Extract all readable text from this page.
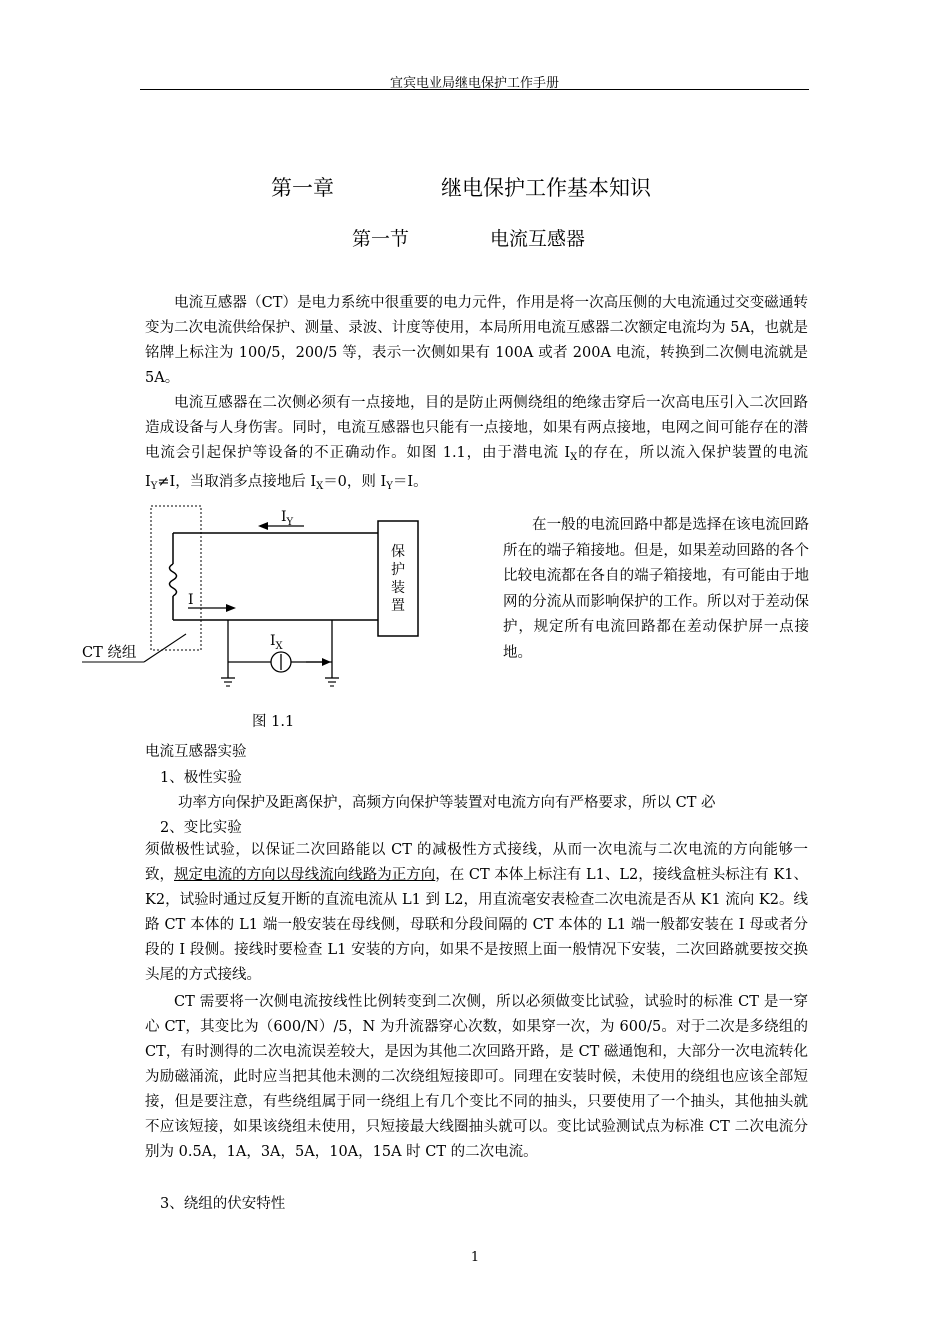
宜宾电业局继电保护工作手册
第一章	继电保护工作基本知识
第一节	电流互感器

电流互感器（CT）是电力系统中很重要的电力元件，作用是将一次高压侧的大电流通过交变磁通转变为二次电流供给保护、测量、录波、计度等使用，本局所用电流互感器二次额定电流均为 5A，也就是铭牌上标注为 100/5，200/5 等，表示一次侧如果有 100A 或者 200A 电流，转换到二次侧电流就是 5A。

电流互感器在二次侧必须有一点接地，目的是防止两侧绕组的绝缘击穿后一次高电压引入二次回路造成设备与人身伤害。同时，电流互感器也只能有一点接地，如果有两点接地，电网之间可能存在的潜电流会引起保护等设备的不正确动作。如图 1.1，由于潜电流 $I_X$的存在，所以流入保护装置的电流 $I_Y\ne I$，当取消多点接地后 $I_X=0$，则 $I_Y=I$。

保
护
装
置
$I_Y$
I
$I_X$
CT 绕组

在一般的电流回路中都是选择在该电流回路所在的端子箱接地。但是，如果差动回路的各个比较电流都在各自的端子箱接地，有可能由于地网的分流从而影响保护的工作。所以对于差动保护，规定所有电流回路都在差动保护屏一点接地。

图 1.1
电流互感器实验
1、极性实验
功率方向保护及距离保护，高频方向保护等装置对电流方向有严格要求，所以 CT 必
2、变比实验

须做极性试验，以保证二次回路能以 CT 的减极性方式接线，从而一次电流与二次电流的方向能够一致，规定电流的方向以母线流向线路为正方向，在 CT 本体上标注有 L1、L2，接线盒桩头标注有 K1、K2，试验时通过反复开断的直流电流从 L1 到 L2，用直流毫安表检查二次电流是否从 K1 流向 K2。线路 CT 本体的 L1 端一般安装在母线侧，母联和分段间隔的 CT 本体的 L1 端一般都安装在 I 母或者分段的 I 段侧。接线时要检查 L1 安装的方向，如果不是按照上面一般情况下安装，二次回路就要按交换头尾的方式接线。

CT 需要将一次侧电流按线性比例转变到二次侧，所以必须做变比试验，试验时的标准 CT 是一穿心 CT，其变比为（600/N）/5，N 为升流器穿心次数，如果穿一次，为 600/5。对于二次是多绕组的 CT，有时测得的二次电流误差较大，是因为其他二次回路开路，是 CT 磁通饱和，大部分一次电流转化为励磁涌流，此时应当把其他未测的二次绕组短接即可。同理在安装时候，未使用的绕组也应该全部短接，但是要注意，有些绕组属于同一绕组上有几个变比不同的抽头，只要使用了一个抽头，其他抽头就不应该短接，如果该绕组未使用，只短接最大线圈抽头就可以。变比试验测试点为标准 CT 二次电流分别为 0.5A，1A，3A，5A，10A，15A 时 CT 的二次电流。

3、绕组的伏安特性
1
